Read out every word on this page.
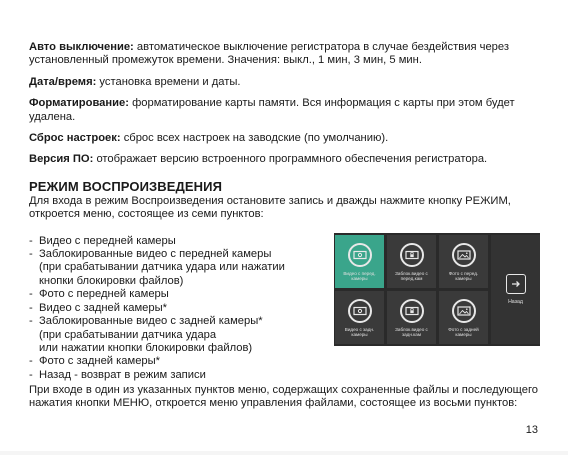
Авто выключение: автоматическое выключение регистратора в случае бездействия через установленный промежуток времени. Значения: выкл., 1 мин, 3 мин, 5 мин.

Дата/время: установка времени и даты.

Форматирование: форматирование карты памяти. Вся информация с карты при этом будет удалена.

Сброс настроек: сброс всех настроек на заводские (по умолчанию).

Версия ПО: отображает версию встроенного программного обеспечения регистратора.

РЕЖИМ ВОСПРОИЗВЕДЕНИЯ

Для входа в режим Воспроизведения остановите запись и дважды нажмите кнопку РЕЖИМ, откроется меню, состоящее из семи пунктов:

- Видео с передней камеры
- Заблокированные видео с передней камеры
(при срабатывании датчика удара или нажатии
кнопки блокировки файлов)
- Фото с передней камеры
- Видео с задней камеры*
- Заблокированные видео с задней камеры*
(при срабатывании датчика удара
или нажатии кнопки блокировки файлов)
- Фото с задней камеры*
- Назад - возврат в режим записи
Видео с перед. камеры
Заблок.видео с перед.кам
Фото с перед. камеры
Назад
Видео с задн. камеры
Заблок.видео с задн.кам
Фото с задней камеры

При входе в один из указанных пунктов меню, содержащих сохраненные файлы и последующего нажатия кнопки МЕНЮ, откроется меню управления файлами, состоящее из восьми пунктов:

13
